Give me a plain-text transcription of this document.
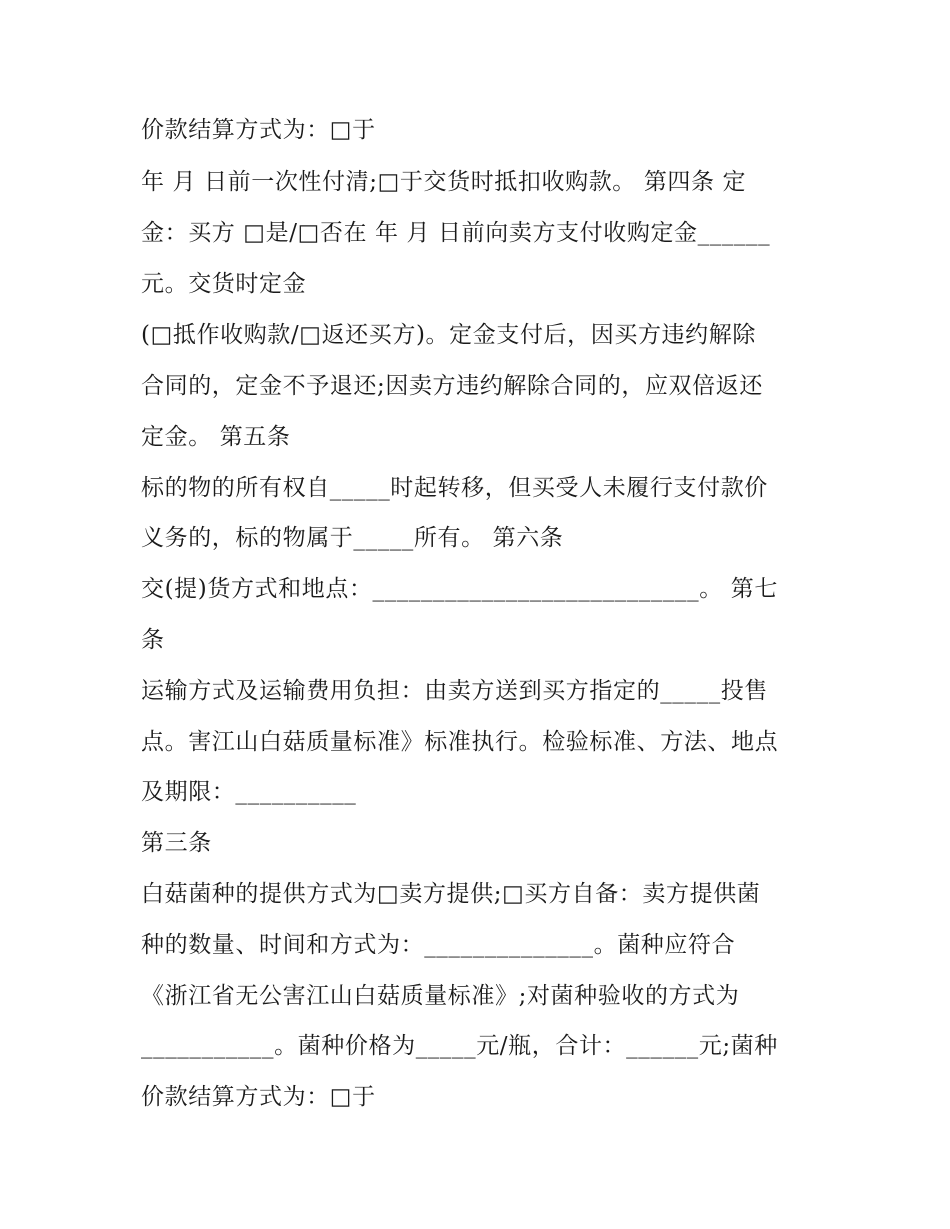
价款结算方式为：□于

年 月 日前一次性付清;□于交货时抵扣收购款。 第四条 定

金：买方 □是/□否在 年 月 日前向卖方支付收购定金______

元。交货时定金

(□抵作收购款/□返还买方)。定金支付后，因买方违约解除

合同的，定金不予退还;因卖方违约解除合同的，应双倍返还

定金。 第五条

标的物的所有权自_____时起转移，但买受人未履行支付款价

义务的，标的物属于_____所有。 第六条

交(提)货方式和地点：___________________________。 第七

条

运输方式及运输费用负担：由卖方送到买方指定的_____投售

点。害江山白菇质量标准》标准执行。检验标准、方法、地点

及期限：__________

第三条

白菇菌种的提供方式为□卖方提供;□买方自备：卖方提供菌

种的数量、时间和方式为：______________。菌种应符合

《浙江省无公害江山白菇质量标准》;对菌种验收的方式为

___________。菌种价格为_____元/瓶，合计：______元;菌种

价款结算方式为：□于
